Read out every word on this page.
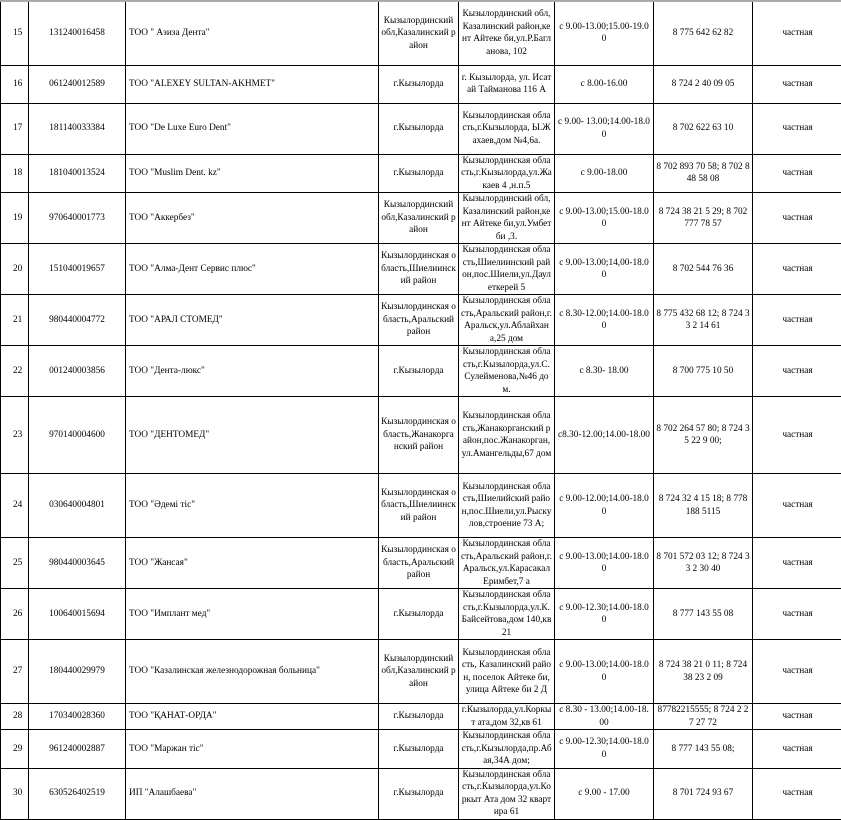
15	131240016458	ТОО " Азиза Дента"	Кызылординский обл,Казалинский район	Кызылординский обл,Казалинский район,кент Айтеке би,ул.Р.Багланова, 102	с 9.00-13.00;15.00-19.00	8 775 642 62 82	частная
16	061240012589	ТОО "ALEXEY SULTAN-AKHMET"	г.Кызылорда	г. Кызылорда, ул. Исатай Тайманова 116 А	с 8.00-16.00	8 724 2 40 09 05	частная
17	181140033384	ТОО "De Luxe Euro Dent"	г.Кызылорда	Кызылординская область,г.Кызылорда, Ы.Жахаев,дом №4,6а.	с 9.00- 13.00;14.00-18.00	8 702 622 63 10	частная
18	181040013524	ТОО "Muslim Dent. kz"	г.Кызылорда	Кызылординская область,г.Кызылорда,ул.Жакаев 4 ,н.п.5	с 9.00-18.00	8 702 893 70 58; 8 702 848 58 08	частная
19	970640001773	ТОО "Аккербез"	Кызылординский обл,Казалинский район	Кызылординский обл,Казалинский район,кент Айтеке би,ул.Умбет би ,3.	с 9.00-13.00;15.00-18.00	8 724 38 21 5 29; 8 702 777 78 57	частная
20	151040019657	ТОО "Алма-Дент Сервис плюс"	Кызылординская область,Шиелиинский район	Кызылординская область,Шиелиинский район,пос.Шиели,ул.Даулеткерей 5	с 9.00-13.00;14,00-18.00	8 702 544 76 36	частная
21	980440004772	ТОО "АРАЛ СТОМЕД"	Кызылординская область,Аральский район	Кызылординская область,Аральский район,г.Аральск,ул.Аблайхана,25 дом	с 8.30-12.00;14.00-18.00	8 775 432 68 12; 8 724 33 2 14 61	частная
22	001240003856	ТОО "Дента-люкс"	г.Кызылорда	Кызылординская область,г.Кызылорда,ул.С.Сулейменова,№46 дом.	с 8.30- 18.00	8 700 775 10 50	частная
23	970140004600	ТОО "ДЕНТОМЕД"	Кызылординская область,Жанакорганский район	Кызылординская область,Жанакорганский район,пос.Жанакорган, ул.Амангельды,67 дом	с8.30-12.00;14.00-18.00	8 702 264 57 80; 8 724 35 22 9 00;	частная
24	030640004801	ТОО "Әдемі тіс"	Кызылординская область,Шиелиинский район	Кызылординская область,Шиелийский район,пос.Шиели,ул.Рыскулов,строение 73 А;	с 9.00-12.00;14.00-18.00	8 724 32 4 15 18; 8 778 188 5115	частная
25	980440003645	ТОО "Жансая"	Кызылординская область,Аральский район	Кызылординская область,Аральский район,г.Аральск,ул.Карасакал Еримбет,7 а	с 9.00-13.00;14.00-18.00	8 701 572 03 12; 8 724 33 2 30 40	частная
26	100640015694	ТОО "Имплант мед"	г.Кызылорда	Кызылординская область,г.Кызылорда,ул.К.Байсейтова,дом 140,кв 21	с 9.00-12.30;14.00-18.00	8 777 143 55 08	частная
27	180440029979	ТОО "Казалинская железнодорожная больница"	Кызылординский обл,Казалинский район	Кызылординская область, Казалинский район, поселок Айтеке би, улица Айтеке би 2 Д	с 9.00-13.00;14.00-18.00	8 724 38 21 0 11; 8 724 38 23 2 09	частная
28	170340028360	ТОО "ҚАНАТ-ОРДА"	г.Кызылорда	г.Кызылорда,ул.Коркыт ата,дом 32,кв 61	с 8.30 - 13.00;14.00-18.00	87782215555; 8 724 2 27 27 72	частная
29	961240002887	ТОО "Маржан тіс"	г.Кызылорда	Кызылординская область,г.Кызылорда,пр.Абая,34А дом;	с 9.00-12.30;14.00-18.00	8 777 143 55 08;	частная
30	630526402519	ИП "Алашбаева"	г.Кызылорда	Кызылординская область,г.Кызылорда,ул.Коркыт Ата дом 32 квартира 61	с 9.00 - 17.00	8 701 724 93 67	частная
